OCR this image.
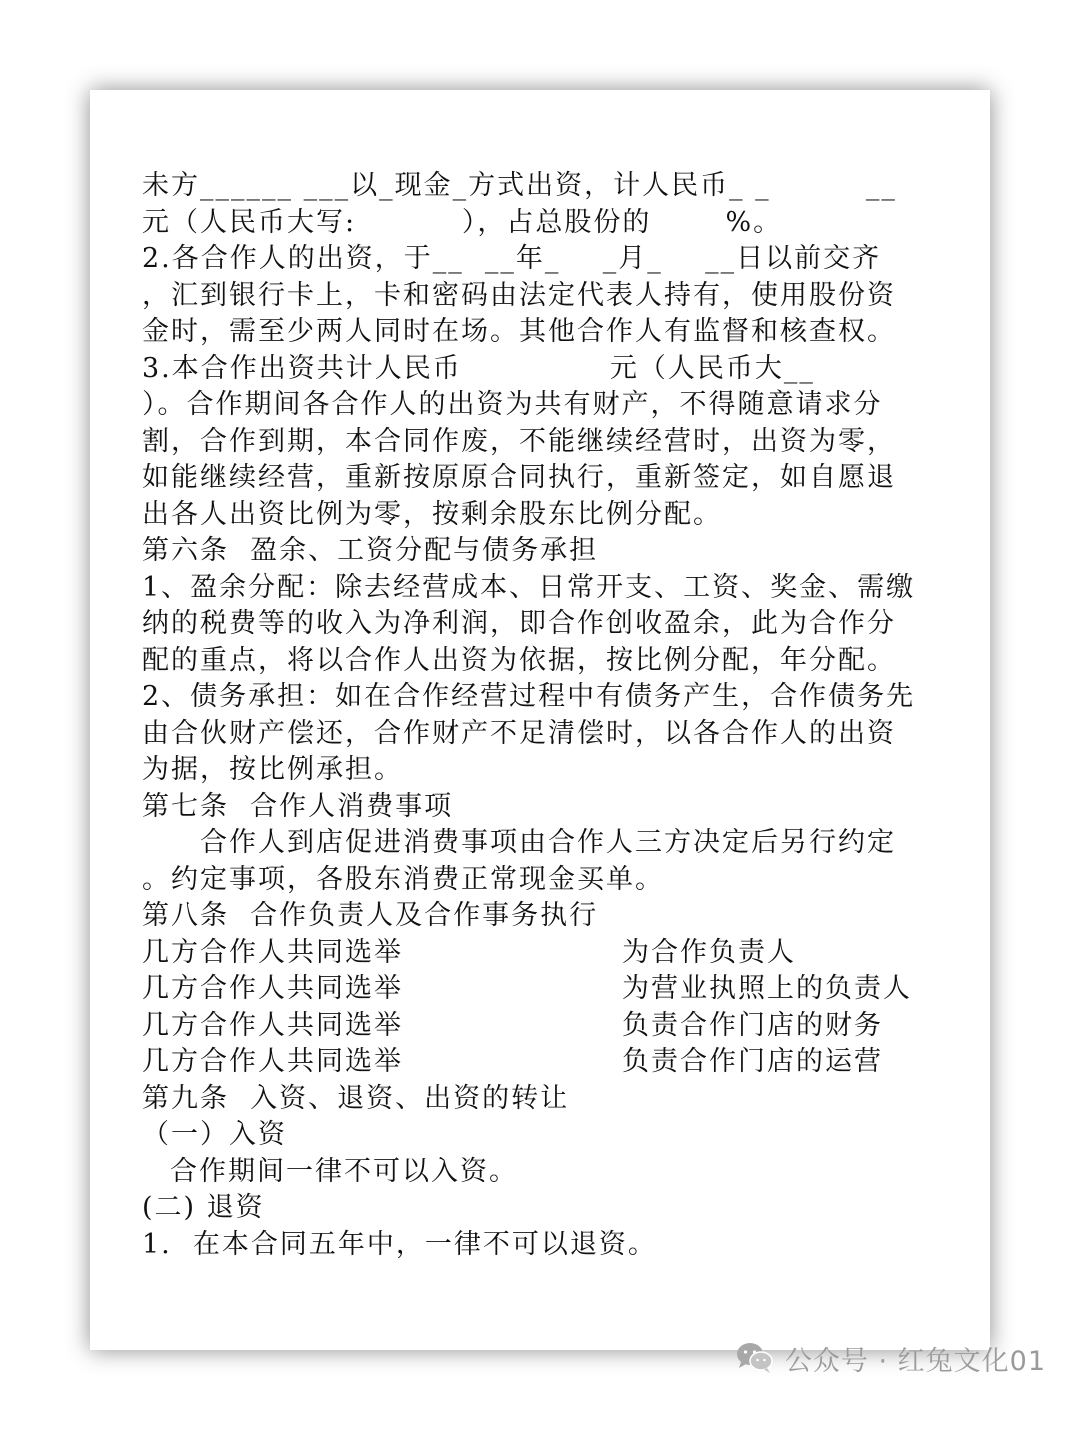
未方______ ___以_现金_方式出资，计人民币_ _         __
元（人民币大写:          ），占总股份的       %。
2.各合作人的出资，于__  __年_    _月_    __日以前交齐
，汇到银行卡上，卡和密码由法定代表人持有，使用股份资
金时，需至少两人同时在场。其他合作人有监督和核查权。
3.本合作出资共计人民币              元（人民币大__
）。合作期间各合作人的出资为共有财产，不得随意请求分
割，合作到期，本合同作废，不能继续经营时，出资为零，
如能继续经营，重新按原原合同执行，重新签定，如自愿退
出各人出资比例为零，按剩余股东比例分配。
第六条  盈余、工资分配与债务承担
1、盈余分配：除去经营成本、日常开支、工资、奖金、需缴
纳的税费等的收入为净利润，即合作创收盈余，此为合作分
配的重点，将以合作人出资为依据，按比例分配，年分配。
2、债务承担：如在合作经营过程中有债务产生，合作债务先
由合伙财产偿还，合作财产不足清偿时，以各合作人的出资
为据，按比例承担。
第七条  合作人消费事项
合作人到店促进消费事项由合作人三方决定后另行约定
。约定事项，各股东消费正常现金买单。
第八条  合作负责人及合作事务执行
几方合作人共同选举	为合作负责人
几方合作人共同选举	为营业执照上的负责人
几方合作人共同选举	负责合作门店的财务
几方合作人共同选举	负责合作门店的运营
第九条  入资、退资、出资的转让
（一）入资
合作期间一律不可以入资。
(二) 退资
1.  在本合同五年中，一律不可以退资。
公众号 · 红兔文化01
